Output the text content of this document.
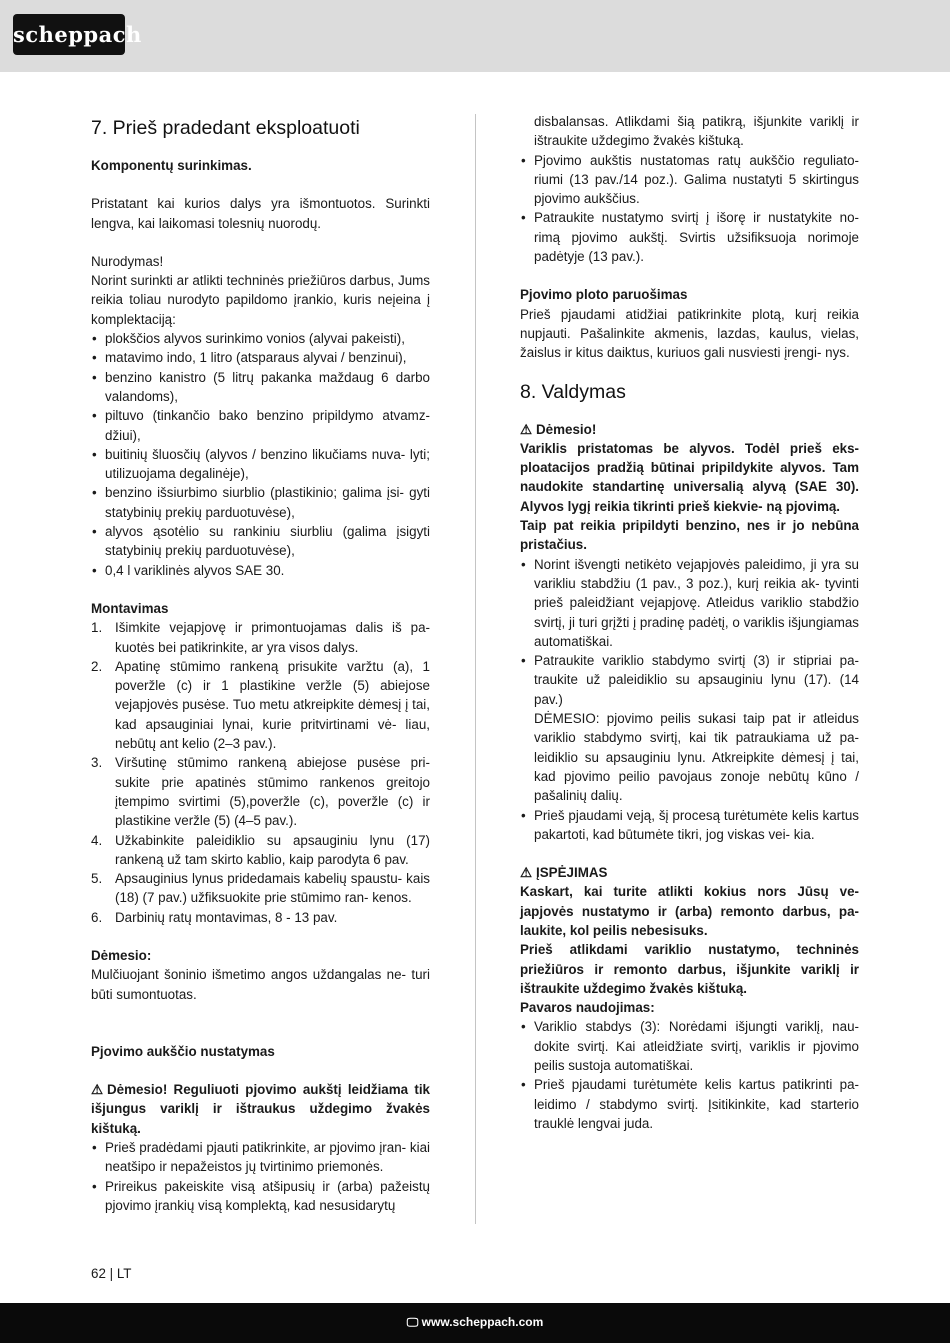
scheppach
7. Prieš pradedant eksploatuoti

Komponentų surinkimas.

Pristatant kai kurios dalys yra išmontuotos. Surinkti lengva, kai laikomasi tolesnių nuorodų.

Nurodymas!

Norint surinkti ar atlikti techninės priežiūros darbus, Jums reikia toliau nurodyto papildomo įrankio, kuris neįeina į komplektaciją:

• plokščios alyvos surinkimo vonios (alyvai pakeisti),
• matavimo indo, 1 litro (atsparaus alyvai / benzinui),
• benzino kanistro (5 litrų pakanka maždaug 6 darbo valandoms),
• piltuvo (tinkančio bako benzino pripildymo atvamz- džiui),
• buitinių šluosčių (alyvos / benzino likučiams nuva- lyti; utilizuojama degalinėje),
• benzino išsiurbimo siurblio (plastikinio; galima įsi- gyti statybinių prekių parduotuvėse),
• alyvos ąsotėlio su rankiniu siurbliu (galima įsigyti statybinių prekių parduotuvėse),
• 0,4 l variklinės alyvos SAE 30.

Montavimas

1. Išimkite vejapjovę ir primontuojamas dalis iš pa- kuotės bei patikrinkite, ar yra visos dalys.
2. Apatinę stūmimo rankeną prisukite varžtu (a), 1 poveržle (c) ir 1 plastikine veržle (5) abiejose vejapjovės pusėse. Tuo metu atkreipkite dėmesį į tai, kad apsauginiai lynai, kurie pritvirtinami vė- liau, nebūtų ant kelio (2–3 pav.).
3. Viršutinę stūmimo rankeną abiejose pusėse pri- sukite prie apatinės stūmimo rankenos greitojo įtempimo svirtimi (5),poveržle (c), poveržle (c) ir plastikine veržle (5) (4–5 pav.).
4. Užkabinkite paleidiklio su apsauginiu lynu (17) rankeną už tam skirto kablio, kaip parodyta 6 pav.
5. Apsauginius lynus pridedamais kabelių spaustu- kais (18) (7 pav.) užfiksuokite prie stūmimo ran- kenos.
6. Darbinių ratų montavimas, 8 - 13 pav.

Dėmesio:

Mulčiuojant šoninio išmetimo angos uždangalas ne- turi būti sumontuotas.

Pjovimo aukščio nustatymas

⚠ Dėmesio! Reguliuoti pjovimo aukštį leidžiama tik išjungus variklį ir ištraukus uždegimo žvakės kištuką.

• Prieš pradėdami pjauti patikrinkite, ar pjovimo įran- kiai neatšipo ir nepažeistos jų tvirtinimo priemonės.
• Prireikus pakeiskite visą atšipusių ir (arba) pažeistų pjovimo įrankių visą komplektą, kad nesusidarytų

disbalansas. Atlikdami šią patikrą, išjunkite variklį ir ištraukite uždegimo žvakės kištuką.

• Pjovimo aukštis nustatomas ratų aukščio reguliato- riumi (13 pav./14 poz.). Galima nustatyti 5 skirtingus pjovimo aukščius.
• Patraukite nustatymo svirtį į išorę ir nustatykite no- rimą pjovimo aukštį. Svirtis užsifiksuoja norimoje padėtyje (13 pav.).

Pjovimo ploto paruošimas

Prieš pjaudami atidžiai patikrinkite plotą, kurį reikia nupjauti. Pašalinkite akmenis, lazdas, kaulus, vielas, žaislus ir kitus daiktus, kuriuos gali nusviesti įrengi- nys.

8. Valdymas

⚠ Dėmesio!

Variklis pristatomas be alyvos. Todėl prieš eks- ploatacijos pradžią būtinai pripildykite alyvos. Tam naudokite standartinę universalią alyvą (SAE 30). Alyvos lygį reikia tikrinti prieš kiekvie- ną pjovimą.

Taip pat reikia pripildyti benzino, nes ir jo nebūna pristačius.

• Norint išvengti netikėto vejapjovės paleidimo, ji yra su varikliu stabdžiu (1 pav., 3 poz.), kurį reikia ak- tyvinti prieš paleidžiant vejapjovę. Atleidus variklio stabdžio svirtį, ji turi grįžti į pradinę padėtį, o variklis išjungiamas automatiškai.
• Patraukite variklio stabdymo svirtį (3) ir stipriai pa- traukite už paleidiklio su apsauginiu lynu (17). (14 pav.)
DĖMESIO: pjovimo peilis sukasi taip pat ir atleidus variklio stabdymo svirtį, kai tik patraukiama už pa- leidiklio su apsauginiu lynu. Atkreipkite dėmesį į tai, kad pjovimo peilio pavojaus zonoje nebūtų kūno / pašalinių dalių.
• Prieš pjaudami veją, šį procesą turėtumėte kelis kartus pakartoti, kad būtumėte tikri, jog viskas vei- kia.

⚠ ĮSPĖJIMAS

Kaskart, kai turite atlikti kokius nors Jūsų ve- japjovės nustatymo ir (arba) remonto darbus, pa- laukite, kol peilis nebesisuks.

Prieš atlikdami variklio nustatymo, techninės priežiūros ir remonto darbus, išjunkite variklį ir ištraukite uždegimo žvakės kištuką.

Pavaros naudojimas:

• Variklio stabdys (3): Norėdami išjungti variklį, nau- dokite svirtį. Kai atleidžiate svirtį, variklis ir pjovimo peilis sustoja automatiškai.
• Prieš pjaudami turėtumėte kelis kartus patikrinti pa- leidimo / stabdymo svirtį. Įsitikinkite, kad starterio trauklė lengvai juda.
62 | LT
🖵 www.scheppach.com
